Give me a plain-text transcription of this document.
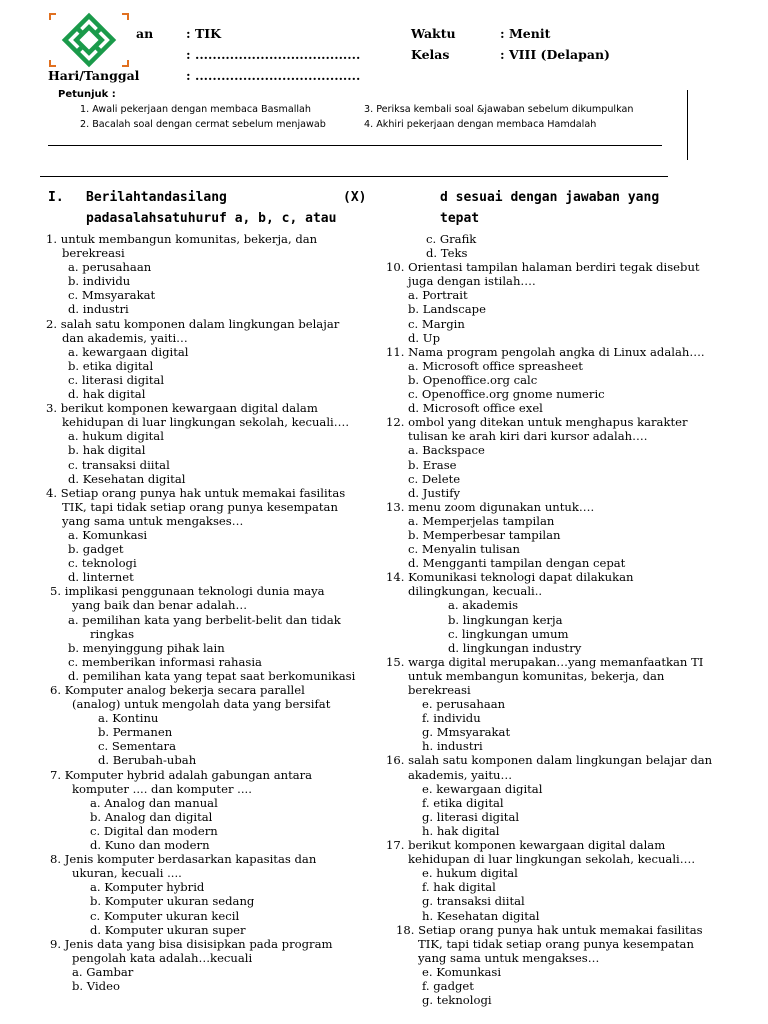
an	: TIK
: ......................................
Hari/Tanggal	: ......................................
Waktu	: Menit
Kelas	: VIII (Delapan)
Petunjuk :
1. Awali pekerjaan dengan membaca Basmallah
2. Bacalah soal dengan cermat sebelum menjawab
3. Periksa kembali soal &jawaban sebelum dikumpulkan
4. Akhiri pekerjaan dengan membaca Hamdalah
I. Berilahtandasilang	(X)	d sesuai dengan jawaban yang
padasalahsatuhuruf a, b, c, atau	tepat
1. untuk membangun komunitas, bekerja, dan
berekreasi
a. perusahaan
b. individu
c. Mmsyarakat
d. industri
2. salah satu komponen dalam lingkungan belajar
dan akademis, yaiti…
a. kewargaan digital
b. etika digital
c. literasi digital
d. hak digital
3. berikut komponen kewargaan digital dalam
kehidupan di luar lingkungan sekolah, kecuali….
a. hukum digital
b. hak digital
c. transaksi diital
d. Kesehatan digital
4. Setiap orang punya hak untuk memakai fasilitas
TIK, tapi tidak setiap orang punya kesempatan
yang sama untuk mengakses…
a. Komunkasi
b. gadget
c. teknologi
d. linternet
5. implikasi penggunaan teknologi dunia maya
yang baik dan benar adalah…
a. pemilihan kata yang berbelit-belit dan tidak
ringkas
b. menyinggung pihak lain
c. memberikan informasi rahasia
d. pemilihan kata yang tepat saat berkomunikasi
6. Komputer analog bekerja secara parallel
(analog) untuk mengolah data yang bersifat
a. Kontinu
b. Permanen
c. Sementara
d. Berubah-ubah
7. Komputer hybrid adalah gabungan antara
komputer .... dan komputer ....
a. Analog dan manual
b. Analog dan digital
c. Digital dan modern
d. Kuno dan modern
8. Jenis komputer berdasarkan kapasitas dan
ukuran, kecuali ....
a. Komputer hybrid
b. Komputer ukuran sedang
c. Komputer ukuran kecil
d. Komputer ukuran super
9. Jenis data yang bisa disisipkan pada program
pengolah kata adalah…kecuali
a. Gambar
b. Video
c. Grafik
d. Teks
10. Orientasi tampilan halaman berdiri tegak disebut
juga dengan istilah….
a. Portrait
b. Landscape
c. Margin
d. Up
11. Nama program pengolah angka di Linux adalah….
a. Microsoft office spreasheet
b. Openoffice.org calc
c. Openoffice.org gnome numeric
d. Microsoft office exel
12. ombol yang ditekan untuk menghapus karakter
tulisan ke arah kiri dari kursor adalah….
a. Backspace
b. Erase
c. Delete
d. Justify
13. menu zoom digunakan untuk….
a. Memperjelas tampilan
b. Memperbesar tampilan
c. Menyalin tulisan
d. Mengganti tampilan dengan cepat
14. Komunikasi teknologi dapat dilakukan
dilingkungan, kecuali..
a. akademis
b. lingkungan kerja
c. lingkungan umum
d. lingkungan industry
15. warga digital merupakan…yang memanfaatkan TI
untuk membangun komunitas, bekerja, dan
berekreasi
e. perusahaan
f. individu
g. Mmsyarakat
h. industri
16. salah satu komponen dalam lingkungan belajar dan
akademis, yaitu…
e. kewargaan digital
f. etika digital
g. literasi digital
h. hak digital
17. berikut komponen kewargaan digital dalam
kehidupan di luar lingkungan sekolah, kecuali….
e. hukum digital
f. hak digital
g. transaksi diital
h. Kesehatan digital
18. Setiap orang punya hak untuk memakai fasilitas
TIK, tapi tidak setiap orang punya kesempatan
yang sama untuk mengakses…
e. Komunkasi
f. gadget
g. teknologi
